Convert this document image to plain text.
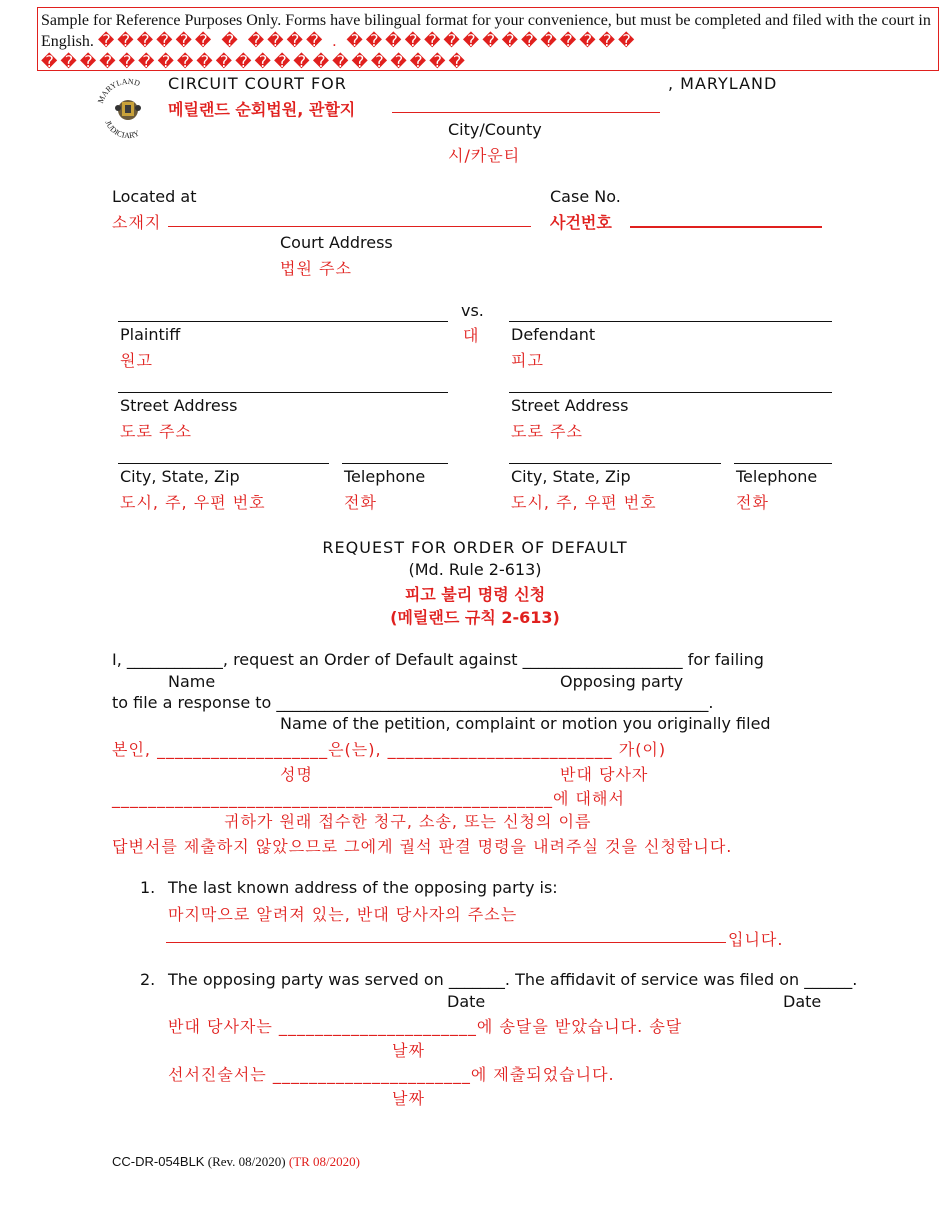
Sample for Reference Purposes Only. Forms have bilingual format for your convenience, but must be completed and filed with the court in English. ������ � ���� . ��������������� ����������������������
MARYLAND
JUDICIARY
CIRCUIT COURT FOR	, MARYLAND
메릴랜드 순회법원, 관할지
City/County
시/카운티
Located at
소재지
Court Address
법원 주소
Case No.
사건번호
vs.
대
Plaintiff
원고
Defendant
피고
Street Address
도로 주소
Street Address
도로 주소
City, State, Zip
도시, 주, 우편 번호
Telephone
전화
City, State, Zip
도시, 주, 우편 번호
Telephone
전화
REQUEST FOR ORDER OF DEFAULT
(Md. Rule 2-613)
피고 불리 명령 신청
(메릴랜드 규칙 2-613)
I, ____________, request an Order of Default against ____________________ for failing
Name	Opposing party
to file a response to ______________________________________________________.
Name of the petition, complaint or motion you originally filed
본인, ___________________은(는), _________________________ 가(이)
성명	반대 당사자
_________________________________________________에 대해서
귀하가 원래 접수한 청구, 소송, 또는 신청의 이름
답변서를 제출하지 않았으므로 그에게 궐석 판결 명령을 내려주실 것을 신청합니다.
1. The last known address of the opposing party is:
마지막으로 알려져 있는, 반대 당사자의 주소는
입니다.
2. The opposing party was served on _______. The affidavit of service was filed on ______.
Date	Date
반대 당사자는 ______________________에 송달을 받았습니다. 송달
날짜
선서진술서는 ______________________에 제출되었습니다.
날짜
CC-DR-054BLK (Rev. 08/2020) (TR 08/2020)
